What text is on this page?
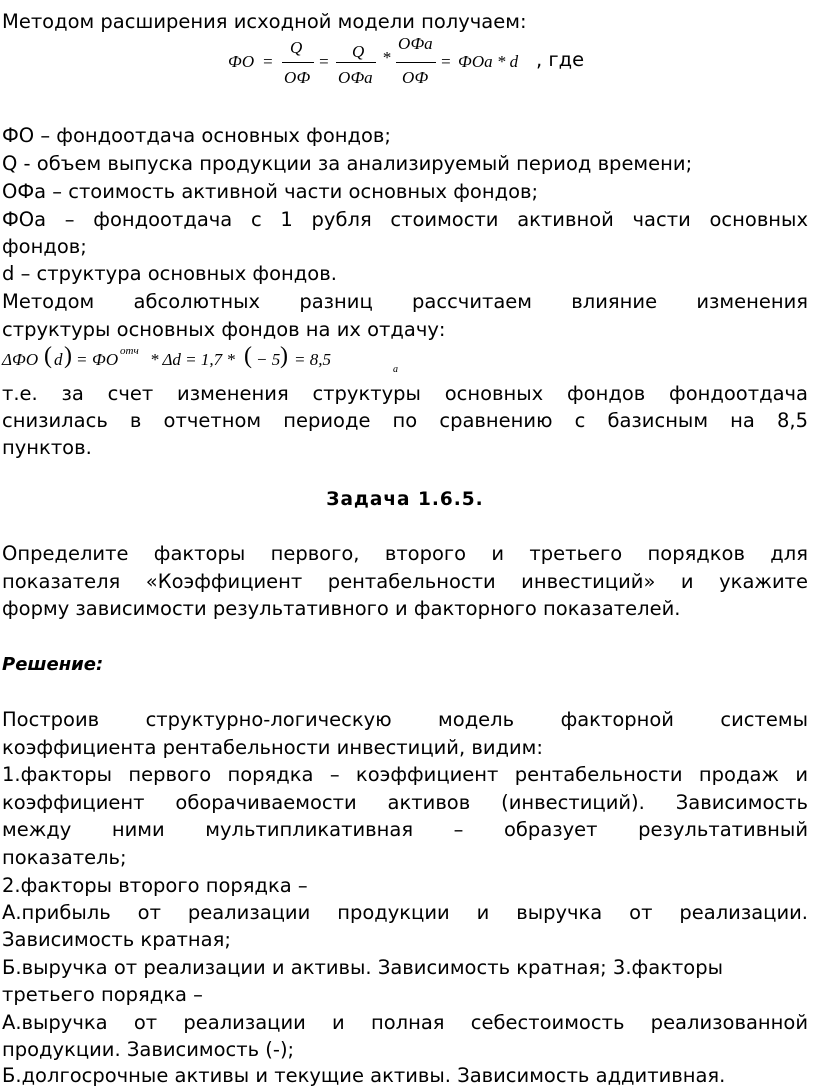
Методом расширения исходной модели получаем:
ФО =
Q
ОФ
=
Q
ОФа
*
ОФа
ОФ
= ФОа * d , где
ФО – фондоотдача основных фондов;
Q - объем выпуска продукции за анализируемый период времени;
ОФа – стоимость активной части основных фондов;
ФОа – фондоотдача с 1 рубля стоимости активной части основных
фондов;
d – структура основных фондов.
Методом абсолютных разниц рассчитаем влияние изменения
структуры основных фондов на их отдачу:
ΔФО ( d ) = ФО отч * Δd = 1,7 * ( − 5 ) = 8,5
а
т.е. за счет изменения структуры основных фондов фондоотдача
снизилась в отчетном периоде по сравнению с базисным на 8,5
пунктов.
Задача 1.6.5.
Определите факторы первого, второго и третьего порядков для
показателя «Коэффициент рентабельности инвестиций» и укажите
форму зависимости результативного и факторного показателей.
Решение:
Построив структурно-логическую модель факторной системы
коэффициента рентабельности инвестиций, видим:
1.факторы первого порядка – коэффициент рентабельности продаж и
коэффициент оборачиваемости активов (инвестиций). Зависимость
между ними мультипликативная – образует результативный
показатель;
2.факторы второго порядка –
А.прибыль от реализации продукции и выручка от реализации.
Зависимость кратная;
Б.выручка от реализации и активы. Зависимость кратная; 3.факторы
третьего порядка –
А.выручка от реализации и полная себестоимость реализованной
продукции. Зависимость (-);
Б.долгосрочные активы и текущие активы. Зависимость аддитивная.
